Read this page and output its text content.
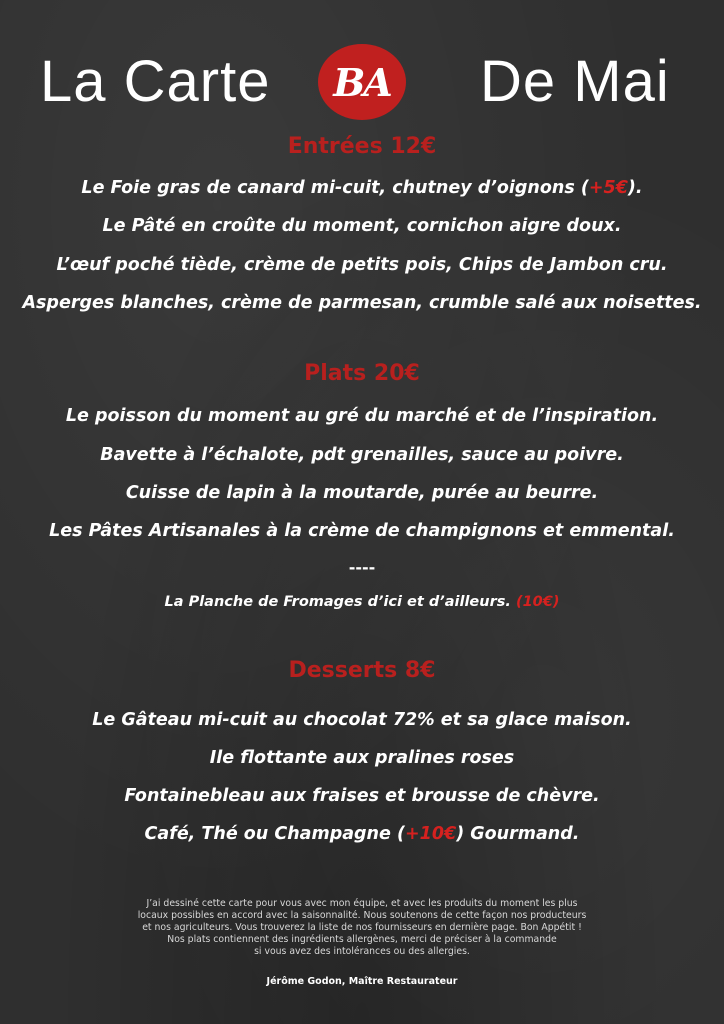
La Carte BA De Mai
Entrées 12€
Le Foie gras de canard mi-cuit, chutney d’oignons (+5€).
Le Pâté en croûte du moment, cornichon aigre doux.
L’œuf poché tiède, crème de petits pois, Chips de Jambon cru.
Asperges blanches, crème de parmesan, crumble salé aux noisettes.
Plats 20€
Le poisson du moment au gré du marché et de l’inspiration.
Bavette à l’échalote, pdt grenailles, sauce au poivre.
Cuisse de lapin à la moutarde, purée au beurre.
Les Pâtes Artisanales à la crème de champignons et emmental.
----
La Planche de Fromages d’ici et d’ailleurs. (10€)
Desserts 8€
Le Gâteau mi-cuit au chocolat 72% et sa glace maison.
Ile flottante aux pralines roses
Fontainebleau aux fraises et brousse de chèvre.
Café, Thé ou Champagne (+10€) Gourmand.
J’ai dessiné cette carte pour vous avec mon équipe, et avec les produits du moment les plus
locaux possibles en accord avec la saisonnalité. Nous soutenons de cette façon nos producteurs
et nos agriculteurs. Vous trouverez la liste de nos fournisseurs en dernière page. Bon Appétit !
Nos plats contiennent des ingrédients allergènes, merci de préciser à la commande
si vous avez des intolérances ou des allergies.
Jérôme Godon, Maître Restaurateur
